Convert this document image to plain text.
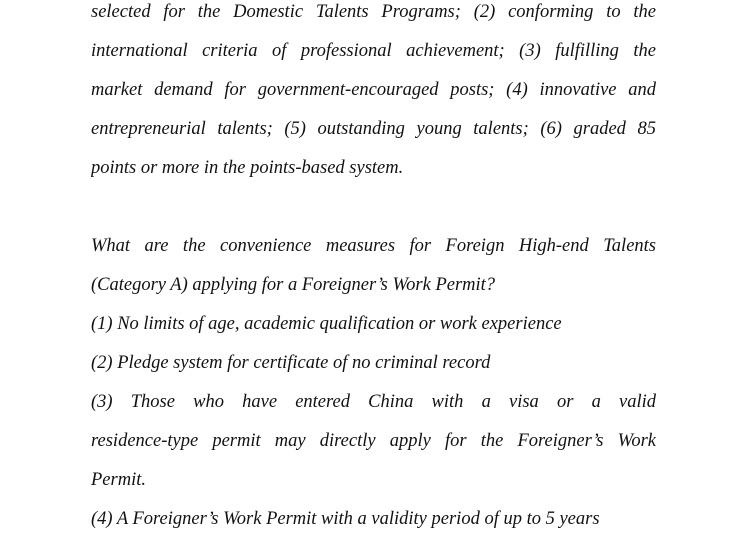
selected for the Domestic Talents Programs; (2) conforming to the
international criteria of professional achievement; (3) fulfilling the
market demand for government-encouraged posts; (4) innovative and
entrepreneurial talents; (5) outstanding young talents; (6) graded 85
points or more in the points-based system.
What are the convenience measures for Foreign High-end Talents
(Category A) applying for a Foreigner’s Work Permit?
(1) No limits of age, academic qualification or work experience
(2) Pledge system for certificate of no criminal record
(3) Those who have entered China with a visa or a valid
residence-type permit may directly apply for the Foreigner’s Work
Permit.
(4) A Foreigner’s Work Permit with a validity period of up to 5 years
